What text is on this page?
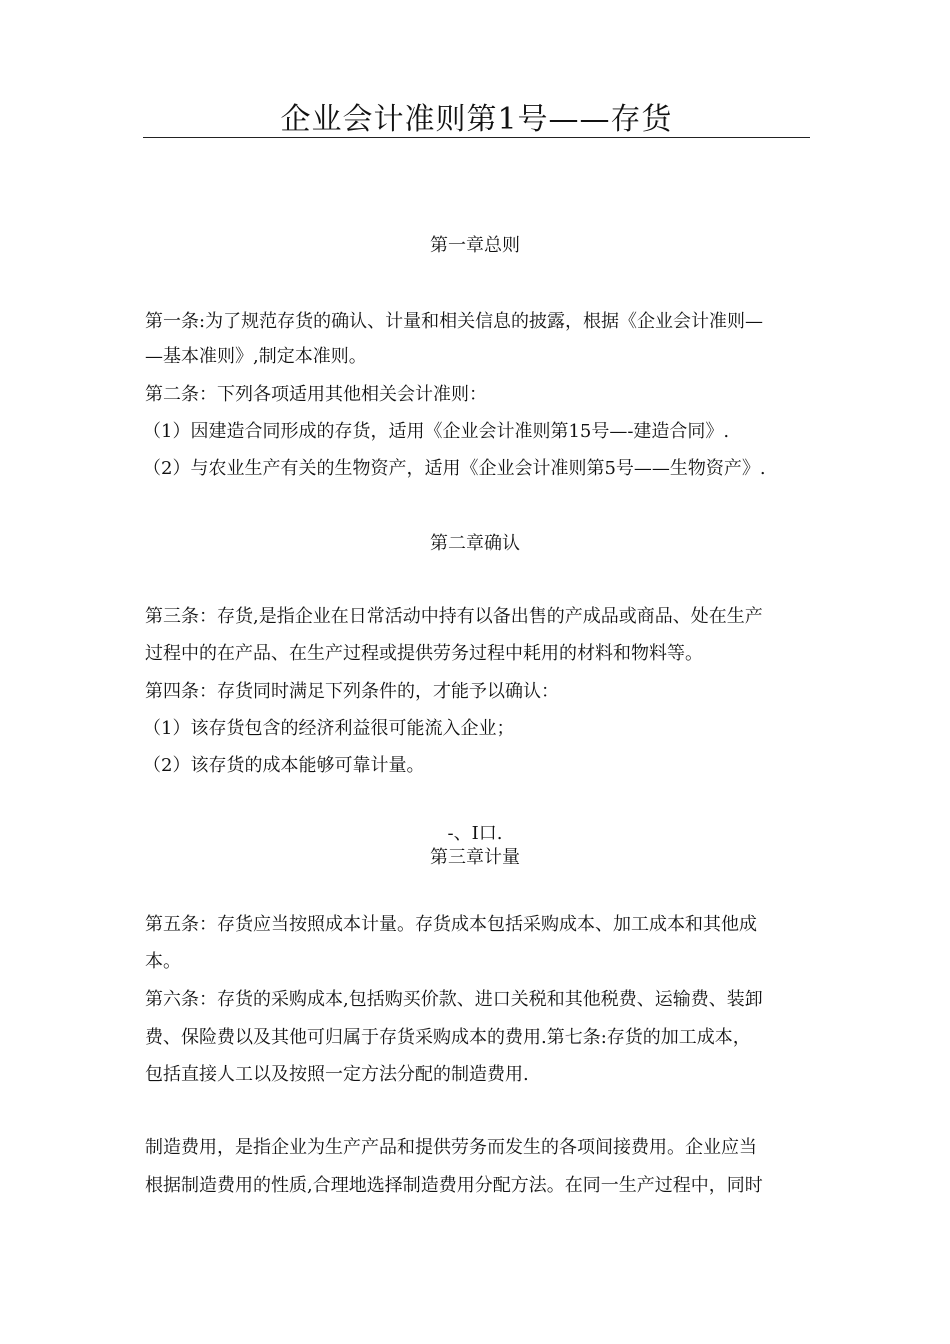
企业会计准则第1号——存货
第一章总则
第一条:为了规范存货的确认、计量和相关信息的披露，根据《企业会计准则—
—基本准则》,制定本准则。
第二条：下列各项适用其他相关会计准则：
（1）因建造合同形成的存货，适用《企业会计准则第15号—-建造合同》.
（2）与农业生产有关的生物资产，适用《企业会计准则第5号——生物资产》.
第二章确认
第三条：存货,是指企业在日常活动中持有以备出售的产成品或商品、处在生产
过程中的在产品、在生产过程或提供劳务过程中耗用的材料和物料等。
第四条：存货同时满足下列条件的，才能予以确认：
（1）该存货包含的经济利益很可能流入企业；
（2）该存货的成本能够可靠计量。
-、I口.
第三章计量
第五条：存货应当按照成本计量。存货成本包括采购成本、加工成本和其他成
本。
第六条：存货的采购成本,包括购买价款、进口关税和其他税费、运输费、装卸
费、保险费以及其他可归属于存货采购成本的费用.第七条:存货的加工成本，
包括直接人工以及按照一定方法分配的制造费用.
制造费用，是指企业为生产产品和提供劳务而发生的各项间接费用。企业应当
根据制造费用的性质,合理地选择制造费用分配方法。在同一生产过程中，同时
